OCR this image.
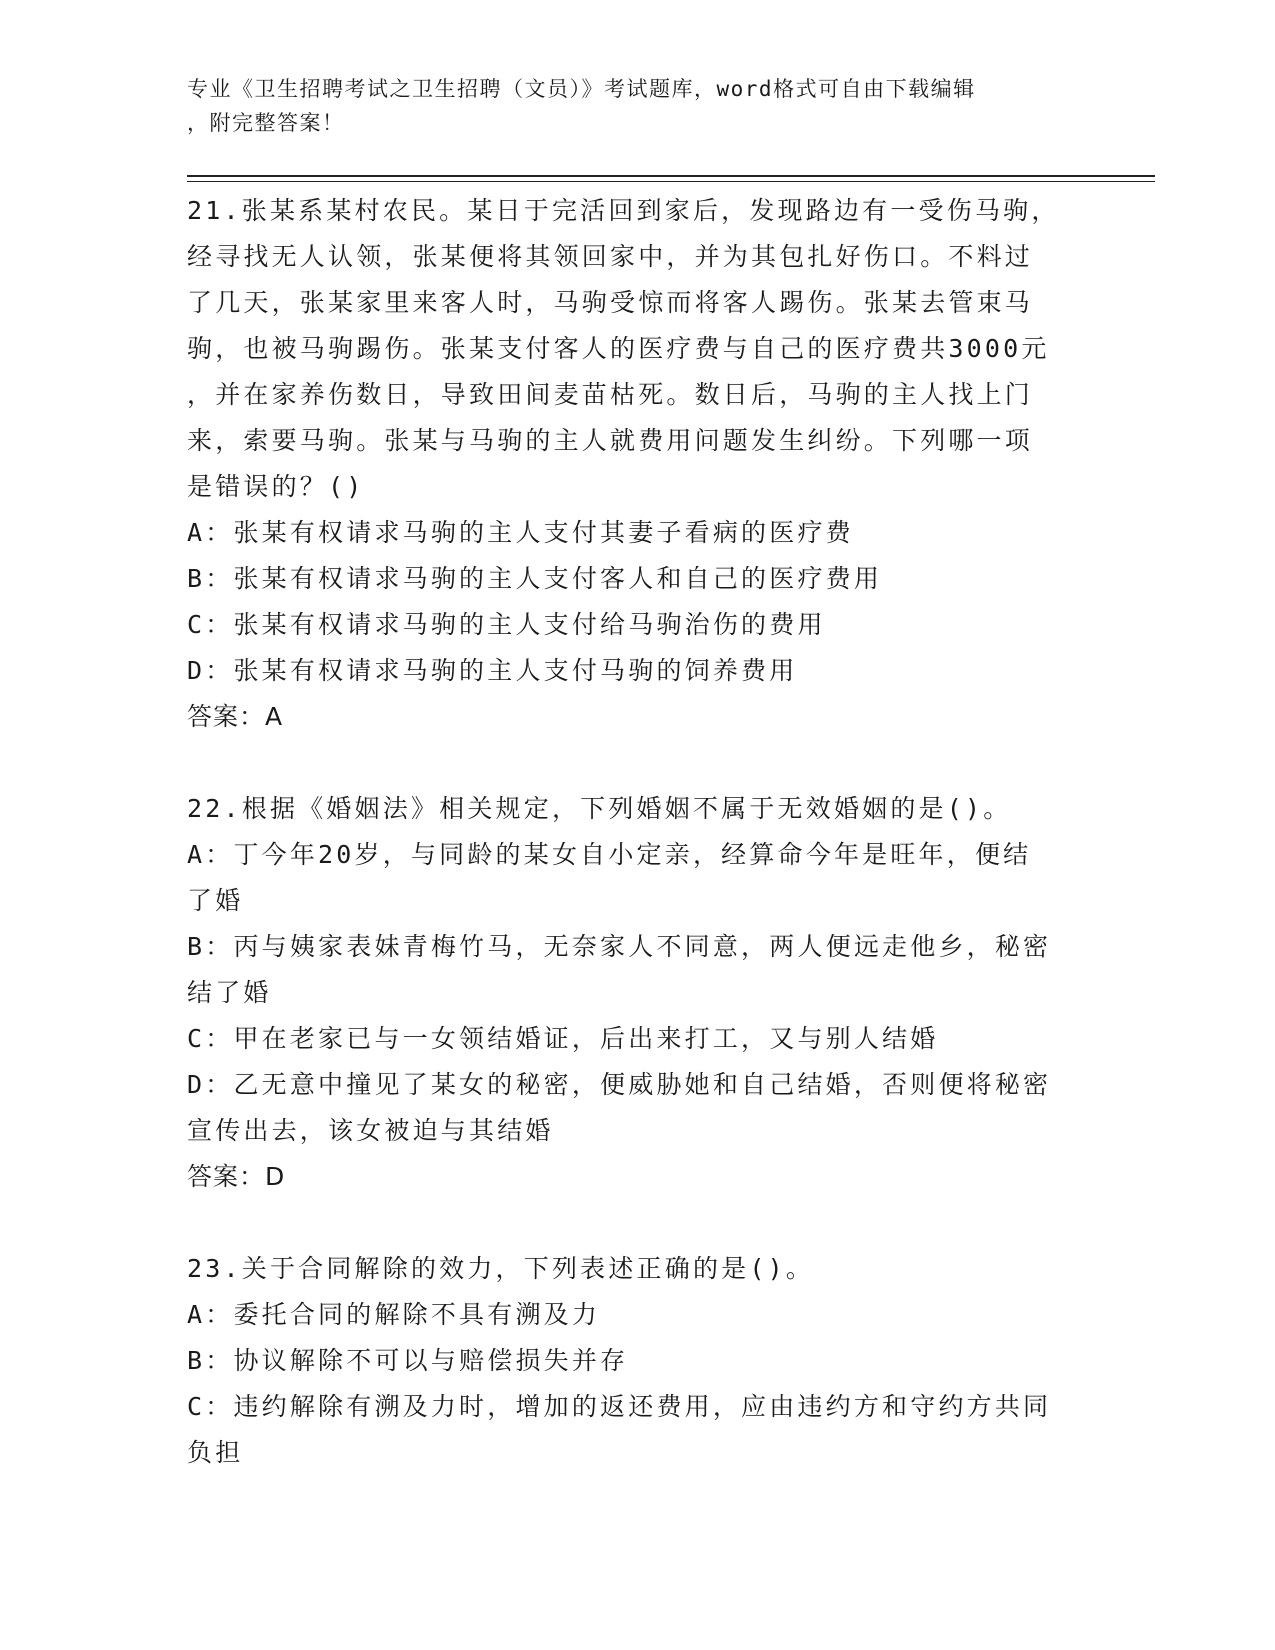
专业《卫生招聘考试之卫生招聘（文员）》考试题库，word格式可自由下载编辑
，附完整答案！
21.张某系某村农民。某日于完活回到家后，发现路边有一受伤马驹，
经寻找无人认领，张某便将其领回家中，并为其包扎好伤口。不料过
了几天，张某家里来客人时，马驹受惊而将客人踢伤。张某去管束马
驹，也被马驹踢伤。张某支付客人的医疗费与自己的医疗费共3000元
，并在家养伤数日，导致田间麦苗枯死。数日后，马驹的主人找上门
来，索要马驹。张某与马驹的主人就费用问题发生纠纷。下列哪一项
是错误的？()
A：张某有权请求马驹的主人支付其妻子看病的医疗费
B：张某有权请求马驹的主人支付客人和自己的医疗费用
C：张某有权请求马驹的主人支付给马驹治伤的费用
D：张某有权请求马驹的主人支付马驹的饲养费用
答案：A
22.根据《婚姻法》相关规定，下列婚姻不属于无效婚姻的是()。
A：丁今年20岁，与同龄的某女自小定亲，经算命今年是旺年，便结
了婚
B：丙与姨家表妹青梅竹马，无奈家人不同意，两人便远走他乡，秘密
结了婚
C：甲在老家已与一女领结婚证，后出来打工，又与别人结婚
D：乙无意中撞见了某女的秘密，便威胁她和自己结婚，否则便将秘密
宣传出去，该女被迫与其结婚
答案：D
23.关于合同解除的效力，下列表述正确的是()。
A：委托合同的解除不具有溯及力
B：协议解除不可以与赔偿损失并存
C：违约解除有溯及力时，增加的返还费用，应由违约方和守约方共同
负担
